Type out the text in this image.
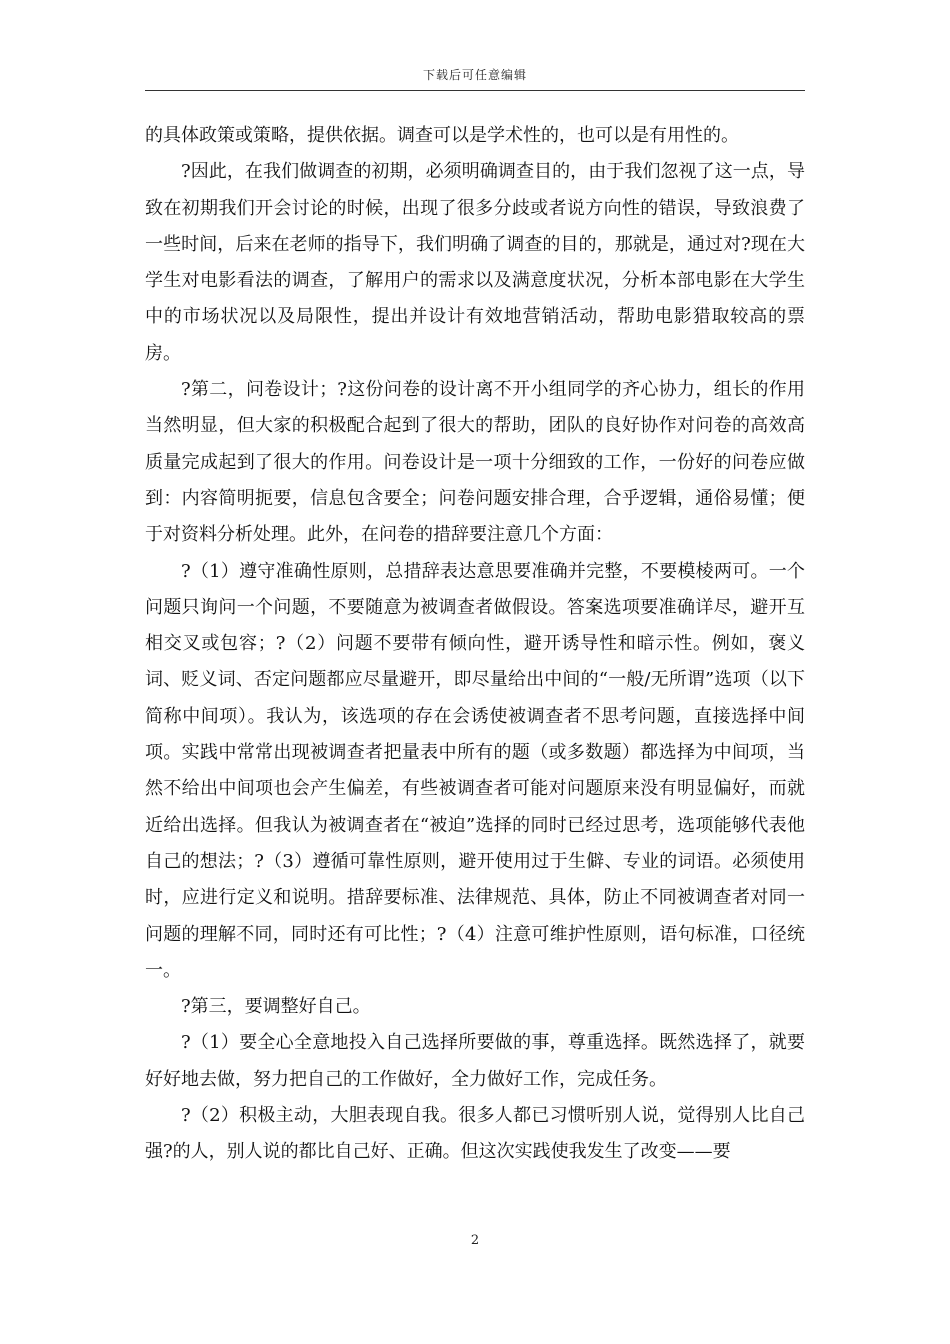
下载后可任意编辑

的具体政策或策略，提供依据。调查可以是学术性的，也可以是有用性的。

?因此，在我们做调查的初期，必须明确调查目的，由于我们忽视了这一点，导致在初期我们开会讨论的时候，出现了很多分歧或者说方向性的错误，导致浪费了一些时间，后来在老师的指导下，我们明确了调查的目的，那就是，通过对?现在大学生对电影看法的调查，了解用户的需求以及满意度状况，分析本部电影在大学生中的市场状况以及局限性，提出并设计有效地营销活动，帮助电影猎取较高的票房。

?第二，问卷设计；?这份问卷的设计离不开小组同学的齐心协力，组长的作用当然明显，但大家的积极配合起到了很大的帮助，团队的良好协作对问卷的高效高质量完成起到了很大的作用。问卷设计是一项十分细致的工作，一份好的问卷应做到：内容简明扼要，信息包含要全；问卷问题安排合理，合乎逻辑，通俗易懂；便于对资料分析处理。此外，在问卷的措辞要注意几个方面：

?（1）遵守准确性原则，总措辞表达意思要准确并完整，不要模棱两可。一个问题只询问一个问题，不要随意为被调查者做假设。答案选项要准确详尽，避开互相交叉或包容；?（2）问题不要带有倾向性，避开诱导性和暗示性。例如，褒义词、贬义词、否定问题都应尽量避开，即尽量给出中间的“一般/无所谓”选项（以下简称中间项）。我认为，该选项的存在会诱使被调查者不思考问题，直接选择中间项。实践中常常出现被调查者把量表中所有的题（或多数题）都选择为中间项，当然不给出中间项也会产生偏差，有些被调查者可能对问题原来没有明显偏好，而就近给出选择。但我认为被调查者在“被迫”选择的同时已经过思考，选项能够代表他自己的想法；?（3）遵循可靠性原则，避开使用过于生僻、专业的词语。必须使用时，应进行定义和说明。措辞要标准、法律规范、具体，防止不同被调查者对同一问题的理解不同，同时还有可比性；?（4）注意可维护性原则，语句标准，口径统一。

?第三，要调整好自己。

?（1）要全心全意地投入自己选择所要做的事，尊重选择。既然选择了，就要好好地去做，努力把自己的工作做好，全力做好工作，完成任务。

?（2）积极主动，大胆表现自我。很多人都已习惯听别人说，觉得别人比自己强?的人，别人说的都比自己好、正确。但这次实践使我发生了改变——要

2
